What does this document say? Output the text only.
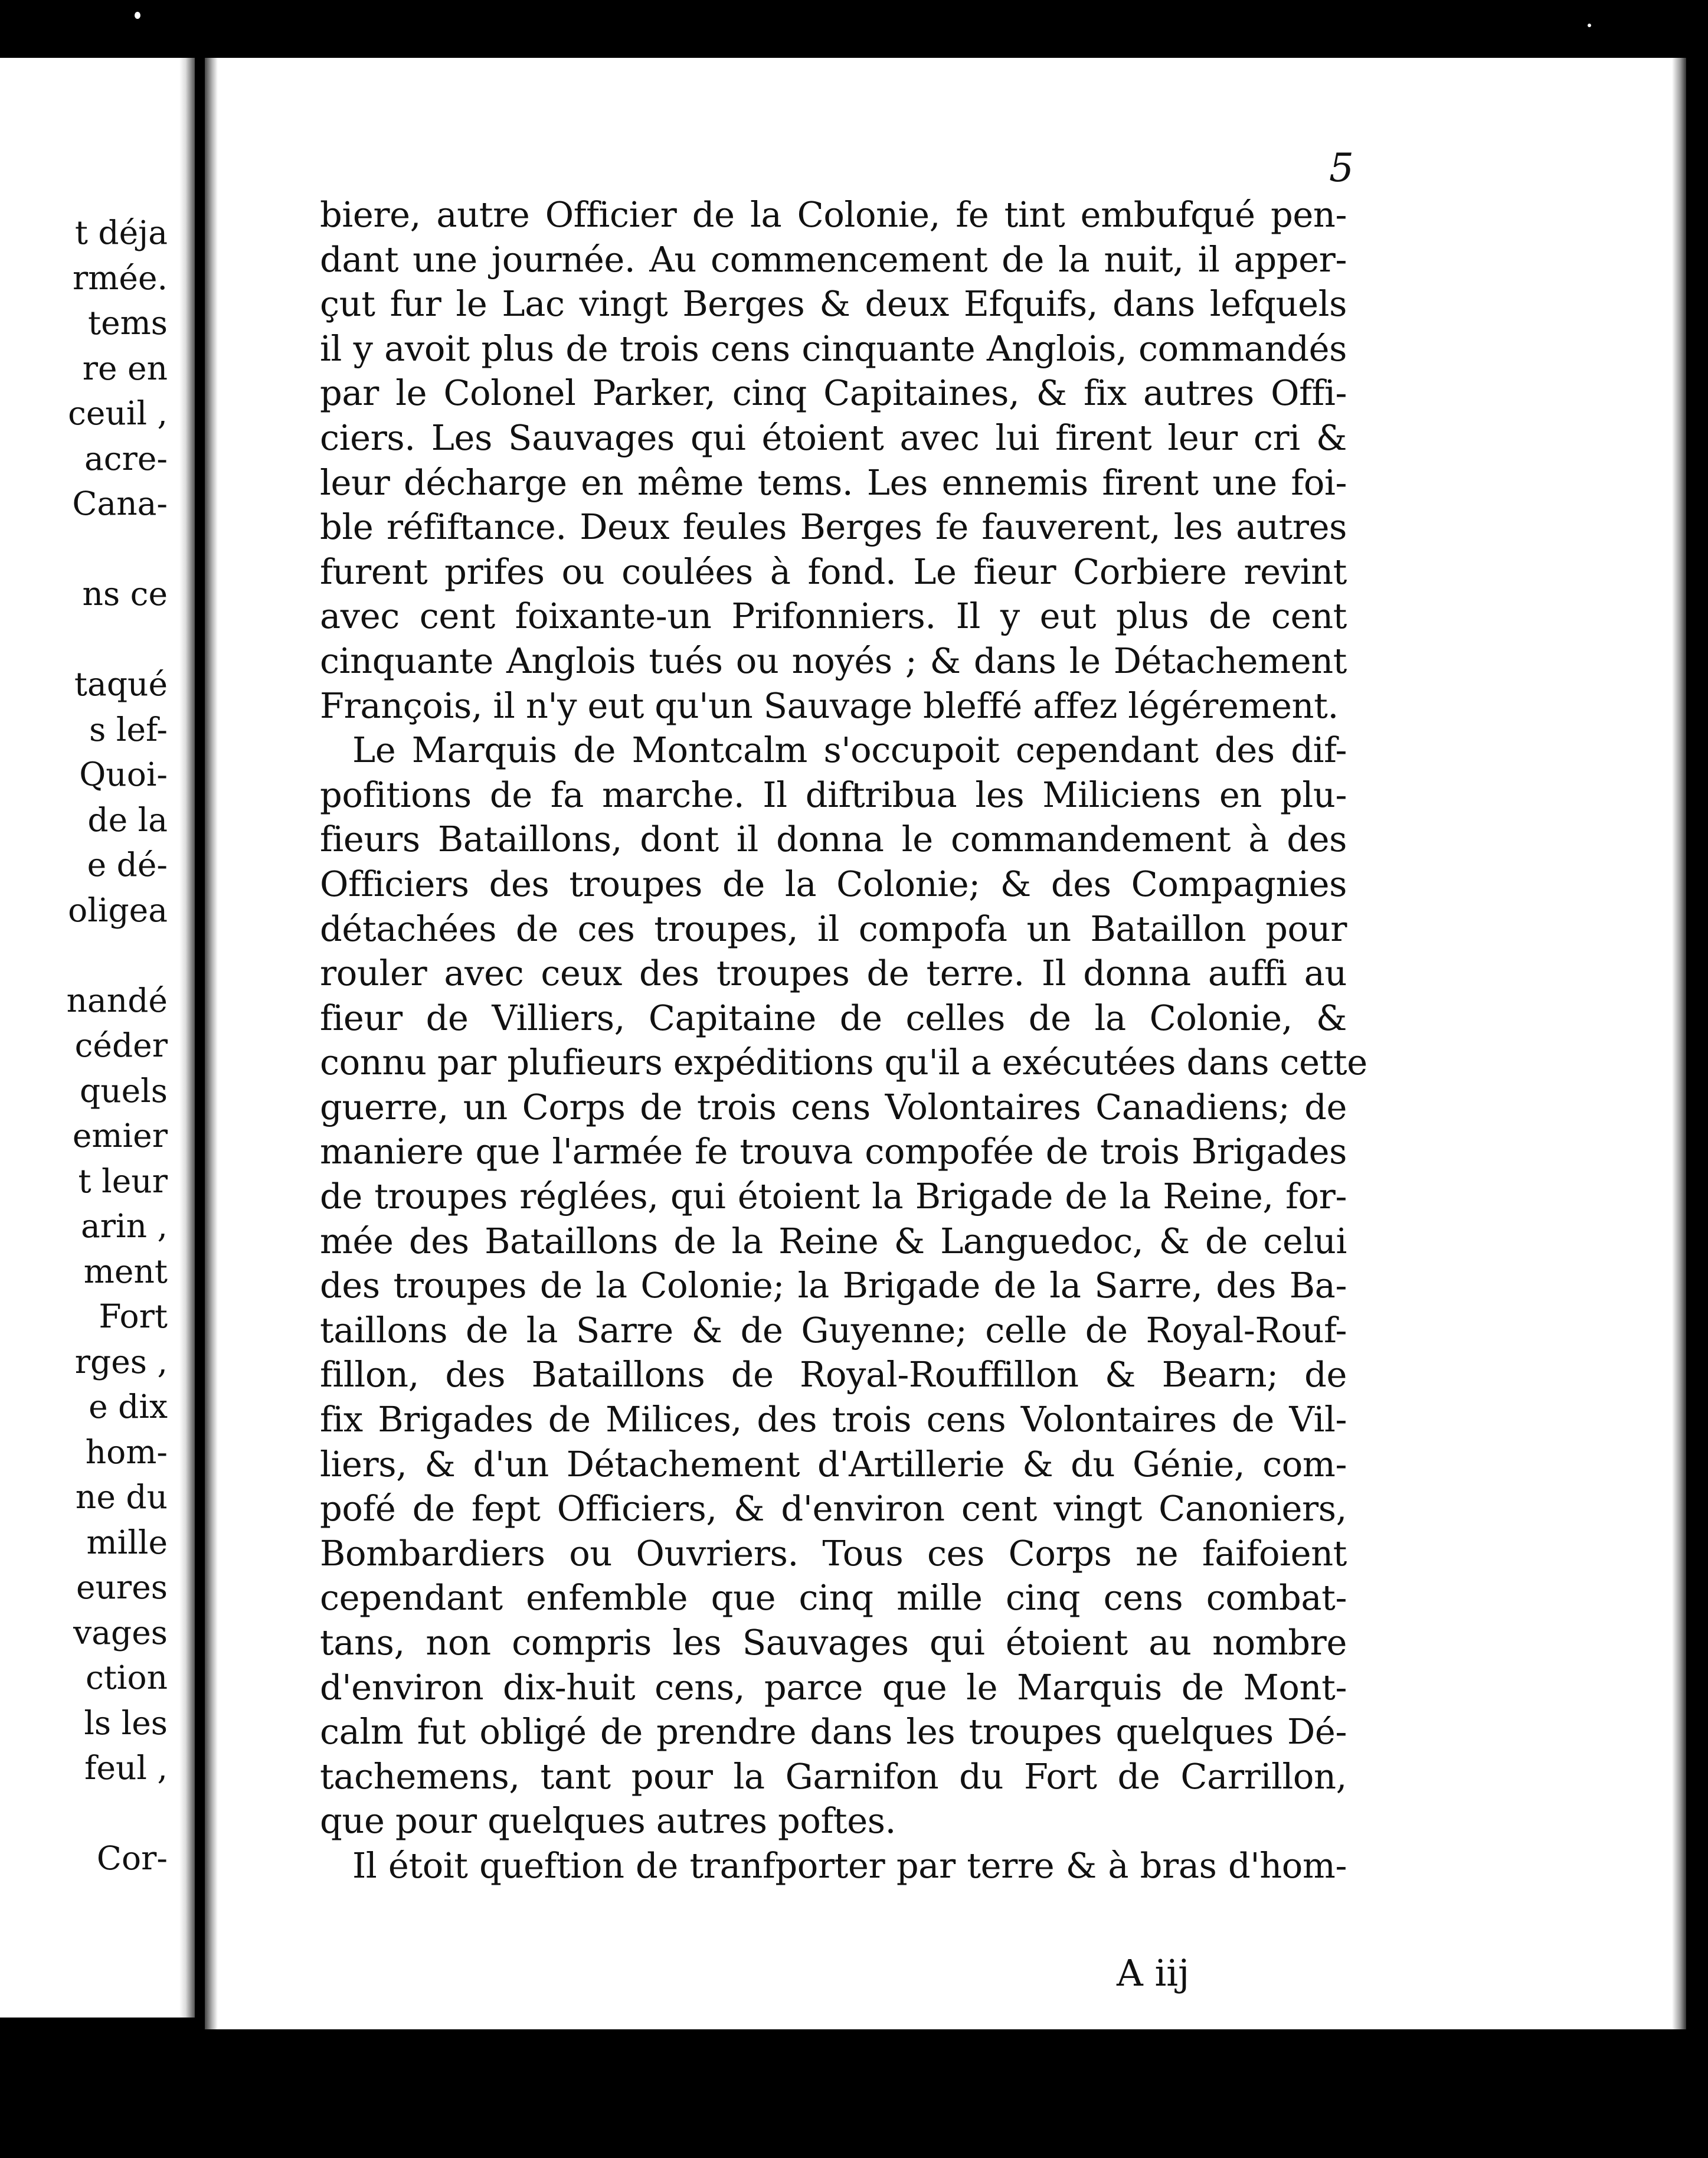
t déja
rmée.
tems
re en
ceuil ,
acre-
Cana-
ns ce
taqué
s lef-
Quoi-
de la
e dé-
oligea
nandé
céder
quels
emier
t leur
arin ,
ment
Fort
rges ,
e dix
hom-
ne du
mille
eures
vages
ction
ls les
feul ,
Cor-
5
biere, autre Officier de la Colonie, fe tint embufqué pen-
dant une journée. Au commencement de la nuit, il apper-
çut fur le Lac vingt Berges & deux Efquifs, dans lefquels
il y avoit plus de trois cens cinquante Anglois, commandés
par le Colonel Parker, cinq Capitaines, & fix autres Offi-
ciers. Les Sauvages qui étoient avec lui firent leur cri &
leur décharge en même tems. Les ennemis firent une foi-
ble réfiftance. Deux feules Berges fe fauverent, les autres
furent prifes ou coulées à fond. Le fieur Corbiere revint
avec cent foixante-un Prifonniers. Il y eut plus de cent
cinquante Anglois tués ou noyés ; & dans le Détachement
François, il n'y eut qu'un Sauvage bleffé affez légérement.
Le Marquis de Montcalm s'occupoit cependant des dif-
pofitions de fa marche. Il diftribua les Miliciens en plu-
fieurs Bataillons, dont il donna le commandement à des
Officiers des troupes de la Colonie; & des Compagnies
détachées de ces troupes, il compofa un Bataillon pour
rouler avec ceux des troupes de terre. Il donna auffi au
fieur de Villiers, Capitaine de celles de la Colonie, &
connu par plufieurs expéditions qu'il a exécutées dans cette
guerre, un Corps de trois cens Volontaires Canadiens; de
maniere que l'armée fe trouva compofée de trois Brigades
de troupes réglées, qui étoient la Brigade de la Reine, for-
mée des Bataillons de la Reine & Languedoc, & de celui
des troupes de la Colonie; la Brigade de la Sarre, des Ba-
taillons de la Sarre & de Guyenne; celle de Royal-Rouf-
fillon, des Bataillons de Royal-Rouffillon & Bearn; de
fix Brigades de Milices, des trois cens Volontaires de Vil-
liers, & d'un Détachement d'Artillerie & du Génie, com-
pofé de fept Officiers, & d'environ cent vingt Canoniers,
Bombardiers ou Ouvriers. Tous ces Corps ne faifoient
cependant enfemble que cinq mille cinq cens combat-
tans, non compris les Sauvages qui étoient au nombre
d'environ dix-huit cens, parce que le Marquis de Mont-
calm fut obligé de prendre dans les troupes quelques Dé-
tachemens, tant pour la Garnifon du Fort de Carrillon,
que pour quelques autres poftes.
Il étoit queftion de tranfporter par terre & à bras d'hom-
A iij
